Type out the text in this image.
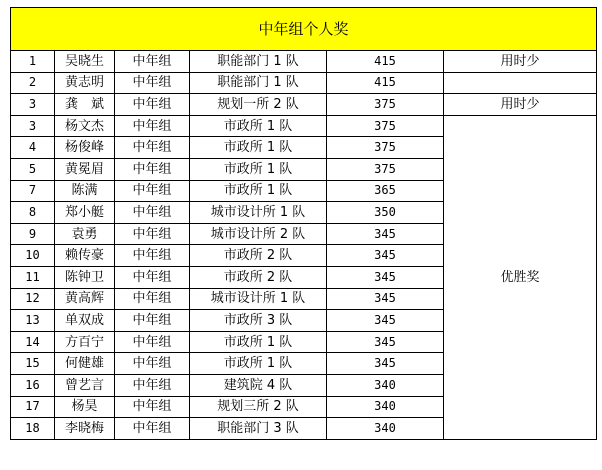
中年组个人奖					
1	吴晓生	中年组	职能部门 1 队	415	用时少
2	黄志明	中年组	职能部门 1 队	415	
3	龚　斌	中年组	规划一所 2 队	375	用时少
3	杨文杰	中年组	市政所 1 队	375	优胜奖
4	杨俊峰	中年组	市政所 1 队	375	
5	黄冕眉	中年组	市政所 1 队	375	
7	陈满	中年组	市政所 1 队	365	
8	郑小艇	中年组	城市设计所 1 队	350	
9	袁勇	中年组	城市设计所 2 队	345	
10	赖传豪	中年组	市政所 2 队	345	
11	陈钟卫	中年组	市政所 2 队	345	
12	黄高辉	中年组	城市设计所 1 队	345	
13	单双成	中年组	市政所 3 队	345	
14	方百宁	中年组	市政所 1 队	345	
15	何健雄	中年组	市政所 1 队	345	
16	曾艺言	中年组	建筑院 4 队	340	
17	杨昊	中年组	规划三所 2 队	340	
18	李晓梅	中年组	职能部门 3 队	340	
